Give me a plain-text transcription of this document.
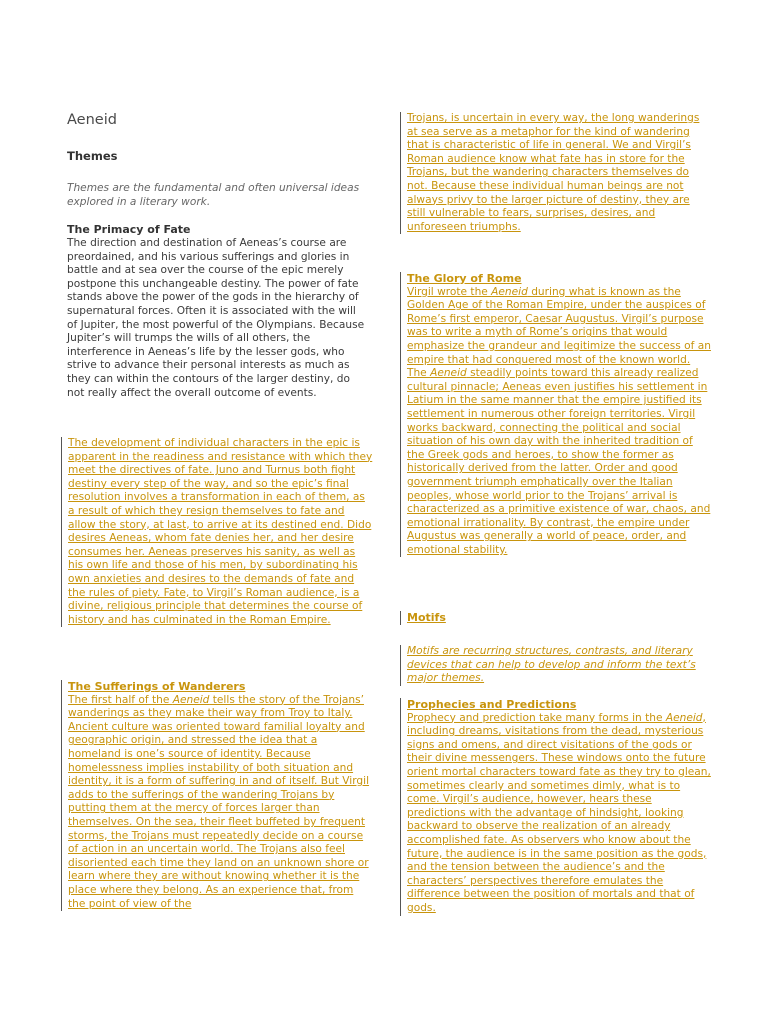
Aeneid

Themes

Themes are the fundamental and often universal ideas explored in a literary work.

The Primacy of Fate

The direction and destination of Aeneas’s course are preordained, and his various sufferings and glories in battle and at sea over the course of the epic merely postpone this unchangeable destiny. The power of fate stands above the power of the gods in the hierarchy of supernatural forces. Often it is associated with the will of Jupiter, the most powerful of the Olympians. Because Jupiter’s will trumps the wills of all others, the interference in Aeneas’s life by the lesser gods, who strive to advance their personal interests as much as they can within the contours of the larger destiny, do not really affect the overall outcome of events.

The development of individual characters in the epic is apparent in the readiness and resistance with which they meet the directives of fate. Juno and Turnus both fight destiny every step of the way, and so the epic’s final resolution involves a transformation in each of them, as a result of which they resign themselves to fate and allow the story, at last, to arrive at its destined end. Dido desires Aeneas, whom fate denies her, and her desire consumes her. Aeneas preserves his sanity, as well as his own life and those of his men, by subordinating his own anxieties and desires to the demands of fate and the rules of piety. Fate, to Virgil’s Roman audience, is a divine, religious principle that determines the course of history and has culminated in the Roman Empire.

The Sufferings of Wanderers

The first half of the Aeneid tells the story of the Trojans’ wanderings as they make their way from Troy to Italy. Ancient culture was oriented toward familial loyalty and geographic origin, and stressed the idea that a homeland is one’s source of identity. Because homelessness implies instability of both situation and identity, it is a form of suffering in and of itself. But Virgil adds to the sufferings of the wandering Trojans by putting them at the mercy of forces larger than themselves. On the sea, their fleet buffeted by frequent storms, the Trojans must repeatedly decide on a course of action in an uncertain world. The Trojans also feel disoriented each time they land on an unknown shore or learn where they are without knowing whether it is the place where they belong. As an experience that, from the point of view of the

Trojans, is uncertain in every way, the long wanderings at sea serve as a metaphor for the kind of wandering that is characteristic of life in general. We and Virgil’s Roman audience know what fate has in store for the Trojans, but the wandering characters themselves do not. Because these individual human beings are not always privy to the larger picture of destiny, they are still vulnerable to fears, surprises, desires, and unforeseen triumphs.

The Glory of Rome

Virgil wrote the Aeneid during what is known as the Golden Age of the Roman Empire, under the auspices of Rome’s first emperor, Caesar Augustus. Virgil’s purpose was to write a myth of Rome’s origins that would emphasize the grandeur and legitimize the success of an empire that had conquered most of the known world. The Aeneid steadily points toward this already realized cultural pinnacle; Aeneas even justifies his settlement in Latium in the same manner that the empire justified its settlement in numerous other foreign territories. Virgil works backward, connecting the political and social situation of his own day with the inherited tradition of the Greek gods and heroes, to show the former as historically derived from the latter. Order and good government triumph emphatically over the Italian peoples, whose world prior to the Trojans’ arrival is characterized as a primitive existence of war, chaos, and emotional irrationality. By contrast, the empire under Augustus was generally a world of peace, order, and emotional stability.

Motifs

Motifs are recurring structures, contrasts, and literary devices that can help to develop and inform the text’s major themes.

Prophecies and Predictions

Prophecy and prediction take many forms in the Aeneid, including dreams, visitations from the dead, mysterious signs and omens, and direct visitations of the gods or their divine messengers. These windows onto the future orient mortal characters toward fate as they try to glean, sometimes clearly and sometimes dimly, what is to come. Virgil’s audience, however, hears these predictions with the advantage of hindsight, looking backward to observe the realization of an already accomplished fate. As observers who know about the future, the audience is in the same position as the gods, and the tension between the audience’s and the characters’ perspectives therefore emulates the difference between the position of mortals and that of gods.
